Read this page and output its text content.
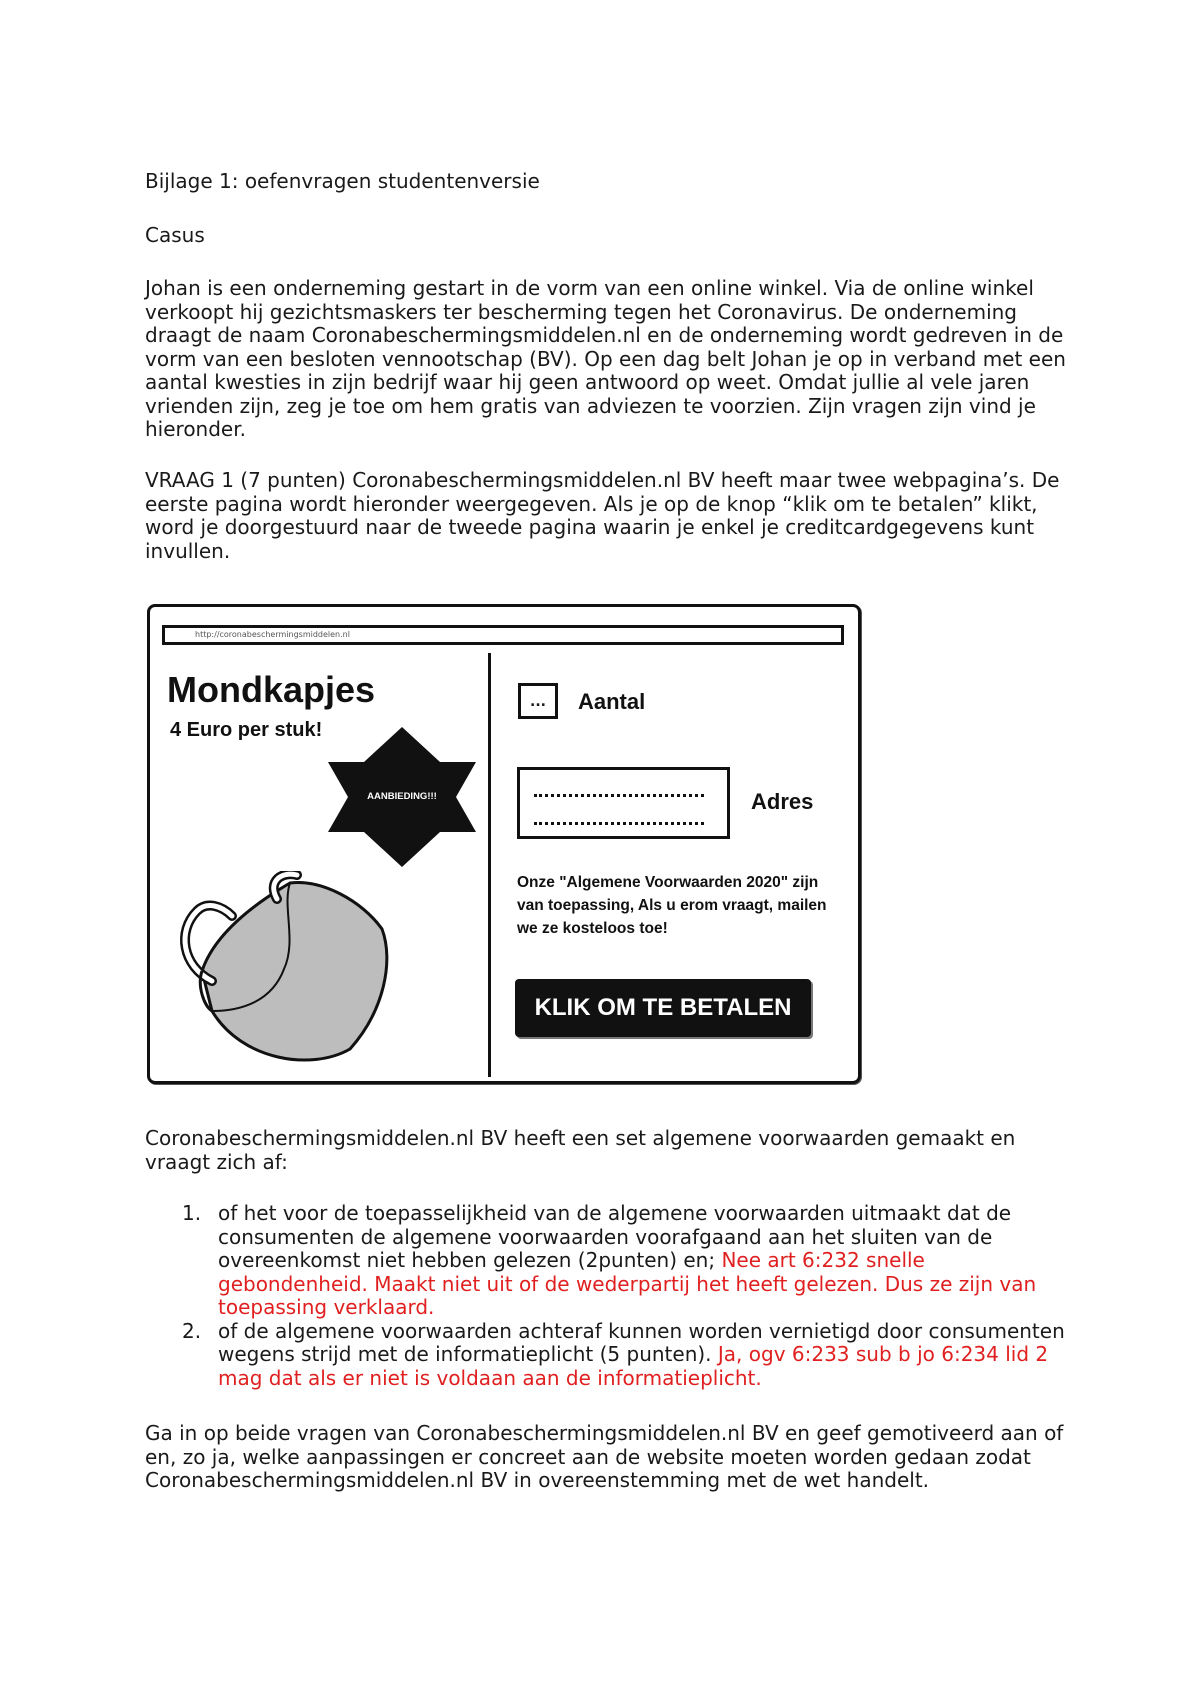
Bijlage 1: oefenvragen studentenversie

Casus

Johan is een onderneming gestart in de vorm van een online winkel. Via de online winkel verkoopt hij gezichtsmaskers ter bescherming tegen het Coronavirus. De onderneming draagt de naam Coronabeschermingsmiddelen.nl en de onderneming wordt gedreven in de vorm van een besloten vennootschap (BV). Op een dag belt Johan je op in verband met een aantal kwesties in zijn bedrijf waar hij geen antwoord op weet. Omdat jullie al vele jaren vrienden zijn, zeg je toe om hem gratis van adviezen te voorzien. Zijn vragen zijn vind je hieronder.

VRAAG 1 (7 punten) Coronabeschermingsmiddelen.nl BV heeft maar twee webpagina’s. De eerste pagina wordt hieronder weergegeven. Als je op de knop “klik om te betalen” klikt, word je doorgestuurd naar de tweede pagina waarin je enkel je creditcardgegevens kunt invullen.

http://coronabeschermingsmiddelen.nl
Mondkapjes
4 Euro per stuk!
AANBIEDING!!!
...	Aantal
Adres
Onze "Algemene Voorwaarden 2020" zijn van toepassing, Als u erom vraagt, mailen we ze kosteloos toe!
KLIK OM TE BETALEN

Coronabeschermingsmiddelen.nl BV heeft een set algemene voorwaarden gemaakt en vraagt zich af:

1. of het voor de toepasselijkheid van de algemene voorwaarden uitmaakt dat de consumenten de algemene voorwaarden voorafgaand aan het sluiten van de overeenkomst niet hebben gelezen (2punten) en; Nee art 6:232 snelle gebondenheid. Maakt niet uit of de wederpartij het heeft gelezen. Dus ze zijn van toepassing verklaard.
2. of de algemene voorwaarden achteraf kunnen worden vernietigd door consumenten wegens strijd met de informatieplicht (5 punten). Ja, ogv 6:233 sub b jo 6:234 lid 2 mag dat als er niet is voldaan aan de informatieplicht.

Ga in op beide vragen van Coronabeschermingsmiddelen.nl BV en geef gemotiveerd aan of en, zo ja, welke aanpassingen er concreet aan de website moeten worden gedaan zodat Coronabeschermingsmiddelen.nl BV in overeenstemming met de wet handelt.
